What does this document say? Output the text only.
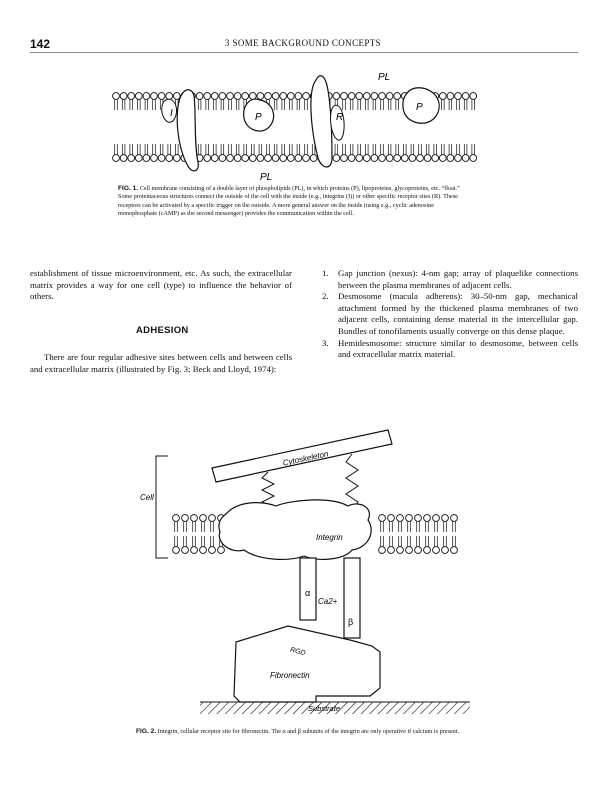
142	3 SOME BACKGROUND CONCEPTS
PL
PL
I	P	R
P
FIG. 1. Cell membrane consisting of a double layer of phospholipids (PL), in which proteins (P), lipoproteins, glycoproteins, etc. “float.” Some proteinaceous structures connect the outside of the cell with the inside (e.g., integrins (I)) or other specific receptor sites (R). These receptors can be activated by a specific trigger on the outside. A more general answer on the inside (using e.g., cyclic adenosine monophosphate (cAMP) as the second messenger) provides the communication within the cell.
establishment of tissue microenvironment, etc. As such, the extracellular matrix provides a way for one cell (type) to influence the behavior of others.
ADHESION
There are four regular adhesive sites between cells and between cells and extracellular matrix (illustrated by Fig. 3; Beck and Lloyd, 1974):
1. Gap junction (nexus): 4-nm gap; array of plaquelike connections between the plasma membranes of adjacent cells.
2. Desmosome (macula adherens): 30–50-nm gap, mechanical attachment formed by the thickened plasma membranes of two adjacent cells, containing dense material in the intercellular gap. Bundles of tonofilaments usually converge on this dense plaque.
3. Hemidesmosome: structure similar to desmosome, between cells and extracellular matrix material.
Cytoskeleton
Cell
Integrin
α
β
Ca2+
RGD
Fibronectin
Substrate
FIG. 2. Integrin, cellular receptor site for fibronectin. The α and β subunits of the integrin are only operative if calcium is present.
